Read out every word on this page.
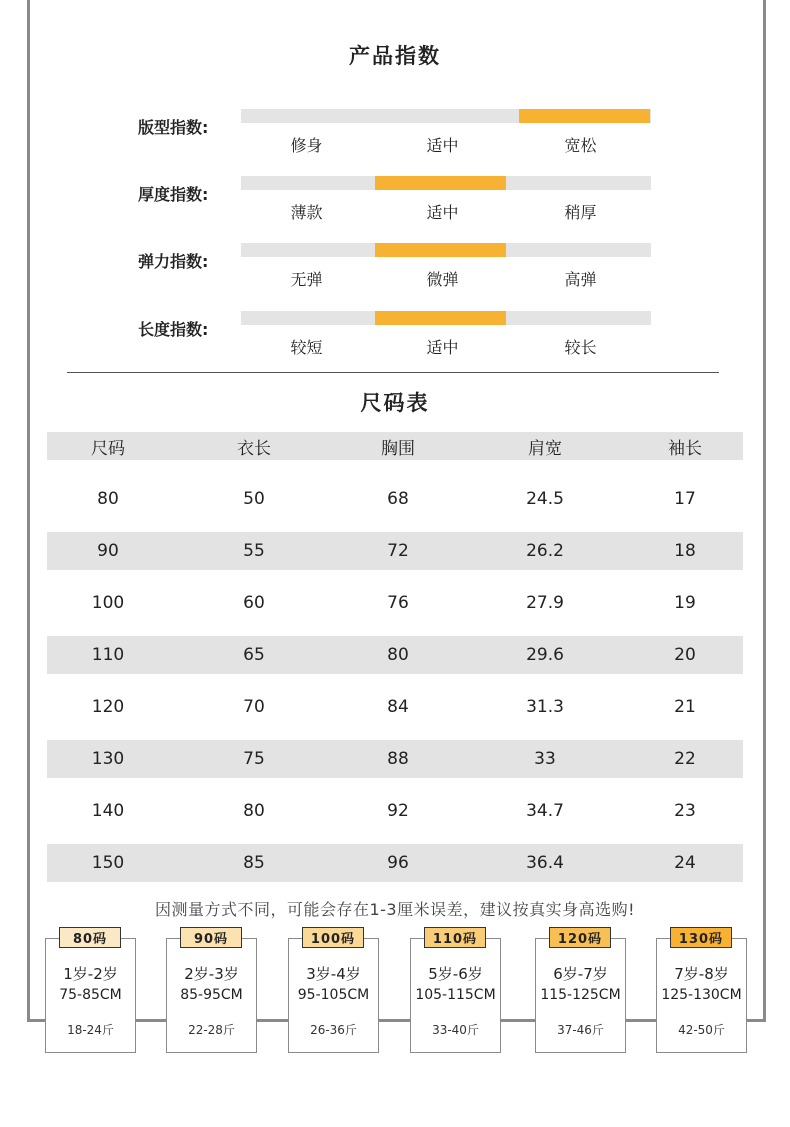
产品指数
版型指数:
修身	适中	宽松
厚度指数:
薄款	适中	稍厚
弹力指数:
无弹	微弹	高弹
长度指数:
较短	适中	较长
尺码表
尺码	衣长	胸围	肩宽	袖长
80	50	68	24.5	17
90	55	72	26.2	18
100	60	76	27.9	19
110	65	80	29.6	20
120	70	84	31.3	21
130	75	88	33	22
140	80	92	34.7	23
150	85	96	36.4	24
因测量方式不同，可能会存在1-3厘米误差，建议按真实身高选购!
80码
1岁-2岁
75-85CM
18-24斤
90码
2岁-3岁
85-95CM
22-28斤
100码
3岁-4岁
95-105CM
26-36斤
110码
5岁-6岁
105-115CM
33-40斤
120码
6岁-7岁
115-125CM
37-46斤
130码
7岁-8岁
125-130CM
42-50斤
